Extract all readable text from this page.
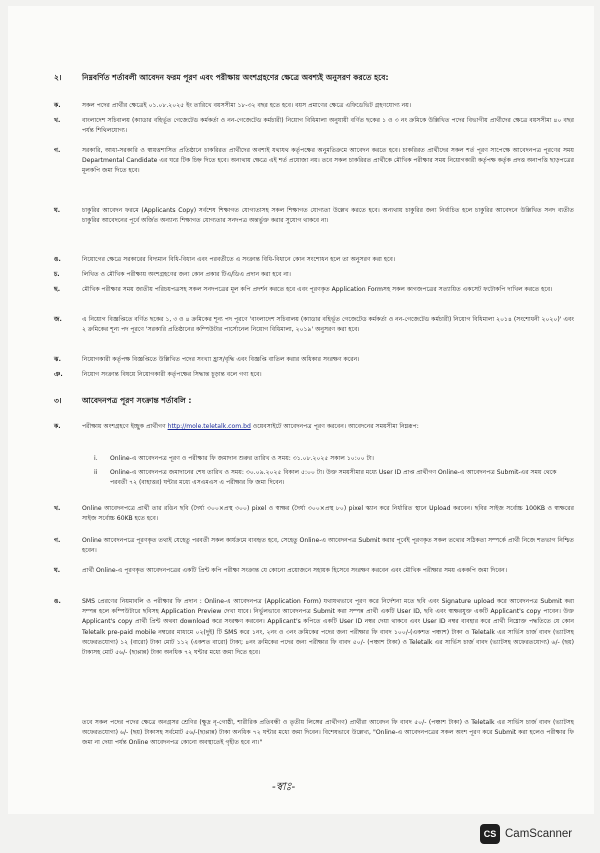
২।	নিম্নবর্ণিত শর্তাবলী আবেদন ফরম পূরণ এবং পরীক্ষায় অংশগ্রহণের ক্ষেত্রে অবশ্যই অনুসরণ করতে হবে:
ক.	সকল পদের প্রার্থীর ক্ষেত্রেই ০১.০৮.২০২৫ ইং তারিখে বয়সসীমা ১৮-৩২ বছর হতে হবে। বয়স প্রমাণের ক্ষেত্রে এফিডেভিট গ্রহণযোগ্য নয়।
খ.	বাংলাদেশ সচিবালয় (ক্যাডার বহির্ভূত গেজেটেড কর্মকর্তা ও নন-গেজেটেড কর্মচারী) নিয়োগ বিধিমালা অনুযায়ী বর্ণিত ছকের ১ ও ৩ নং ক্রমিকে উল্লিখিত পদের বিভাগীয় প্রার্থীদের ক্ষেত্রে বয়সসীমা ৪০ বছর পর্যন্ত শিথিলযোগ্য।
গ.	সরকারি, আধা-সরকারি ও স্বায়ত্তশাসিত প্রতিষ্ঠানে চাকরিরত প্রার্থীদের অবশ্যই যথাযথ কর্তৃপক্ষের অনুমতিক্রমে আবেদন করতে হবে। চাকরিরত প্রার্থীদের সকল শর্ত পূরণ সাপেক্ষে আবেদনপত্র পূরণের সময় Departmental Candidate এর ঘরে টিক চিহ্ন দিতে হবে। অন্যথায় ক্ষেত্রে এই শর্ত প্রযোজ্য নয়। তবে সকল চাকরিরত প্রার্থীকে মৌখিক পরীক্ষার সময় নিয়োগকারী কর্তৃপক্ষ কর্তৃক প্রদত্ত অনাপত্তি ছাড়পত্রের মূলকপি জমা দিতে হবে।
ঘ.	চাকুরির আবেদন ফরমে (Applicants Copy) সর্বশেষ শিক্ষাগত যোগ্যতাসহ সকল শিক্ষাগত যোগ্যতা উল্লেখ করতে হবে। অন্যথায় চাকুরির জন্য নির্বাচিত হলে চাকুরির আবেদনে উল্লিখিত সনদ ব্যতীত চাকুরির আবেদনের পূর্বে অর্জিত অন্যান্য শিক্ষাগত যোগ্যতার সনদপত্র অন্তর্ভুক্ত করার সুযোগ থাকবে না।
ঙ.	নিয়োগের ক্ষেত্রে সরকারের বিদ্যমান বিধি-বিধান এবং পরবর্তীতে এ সংক্রান্ত বিধি-বিধানে কোন সংশোধন হলে তা অনুসরণ করা হবে।
চ.	লিখিত ও মৌখিক পরীক্ষায় অংশগ্রহণের জন্য কোন প্রকার টিএ/ডিএ প্রদান করা হবে না।
ছ.	মৌখিক পরীক্ষার সময় জাতীয় পরিচয়পত্রসহ সকল সনদপত্রের মূল কপি প্রদর্শন করতে হবে এবং পূরণকৃত Application Formসহ সকল কাগজপত্রের সত্যায়িত একসেট ফটোকপি দাখিল করতে হবে।
জ.	এ নিয়োগ বিজ্ঞপ্তিতে বর্ণিত ছকের ১, ৩ ও ৪ ক্রমিকের শূন্য পদ পূরণে 'বাংলাদেশ সচিবালয় (ক্যাডার বহির্ভূত গেজেটেড কর্মকর্তা ও নন-গেজেটেড কর্মচারী) নিয়োগ বিধিমালা ২০১৪ (সংশোধনী ২০২০)' এবং ২ ক্রমিকের শূন্য পদ পূরণে 'সরকারি প্রতিষ্ঠানের কম্পিউটার পার্সোনেল নিয়োগ বিধিমালা, ২০১৯' অনুসরণ করা হবে।
ঝ.	নিয়োগকারী কর্তৃপক্ষ বিজ্ঞপ্তিতে উল্লিখিত পদের সংখ্যা হ্রাস/বৃদ্ধি এবং বিজ্ঞপ্তি বাতিল করার অধিকার সংরক্ষণ করেন।
ঞ.	নিয়োগ সংক্রান্ত বিষয়ে নিয়োগকারী কর্তৃপক্ষের সিদ্ধান্ত চূড়ান্ত বলে গণ্য হবে।
৩।	আবেদনপত্র পূরণ সংক্রান্ত শর্তাবলি :
ক.	পরীক্ষায় অংশগ্রহণে ইচ্ছুক প্রার্থীগণ http://mole.teletalk.com.bd ওয়েবসাইটে আবেদনপত্র পূরণ করবেন। আবেদনের সময়সীমা নিম্নরূপ:
i.	Online-এ আবেদনপত্র পূরণ ও পরীক্ষার ফি জমাদান শুরুর তারিখ ও সময়: ৩১.০৮.২০২৫ সকাল ১০:০০ টা।
ii	Online-এ আবেদনপত্র জমাদানের শেষ তারিখ ও সময়: ৩০.০৯.২০২৫ বিকাল ৫:০০ টা। উক্ত সময়সীমার মধ্যে User ID প্রাপ্ত প্রার্থীগণ Online-এ আবেদনপত্র Submit-এর সময় থেকে পরবর্তী ৭২ (বাহাত্তর) ঘন্টার মধ্যে এসএমএস এ পরীক্ষার ফি জমা দিবেন।
খ.	Online আবেদনপত্রে প্রার্থী তার রঙিন ছবি (দৈর্ঘ্য ৩০০×প্রস্থ ৩০০) pixel ও স্বাক্ষর (দৈর্ঘ্য ৩০০×প্রস্থ ৮০) pixel স্ক্যান করে নির্ধারিত স্থানে Upload করবেন। ছবির সাইজ সর্বোচ্চ 100KB ও স্বাক্ষরের সাইজ সর্বোচ্চ 60KB হতে হবে।
গ.	Online আবেদনপত্রে পূরণকৃত তথ্যই যেহেতু পরবর্তী সকল কার্যক্রমে ব্যবহৃত হবে, সেহেতু Online-এ আবেদনপত্র Submit করার পূর্বেই পূরণকৃত সকল তথ্যের সঠিকতা সম্পর্কে প্রার্থী নিজে শতভাগ নিশ্চিত হবেন।
ঘ.	প্রার্থী Online-এ পূরণকৃত আবেদনপত্রের একটি প্রিন্ট কপি পরীক্ষা সংক্রান্ত যে কোনো প্রয়োজনে সহায়ক হিসেবে সংরক্ষণ করবেন এবং মৌখিক পরীক্ষার সময় এককপি জমা দিবেন।
ঙ.	SMS প্রেরণের নিয়মাবলি ও পরীক্ষার ফি প্রদান : Online-এ আবেদনপত্র (Application Form) যথাযথভাবে পূরণ করে নির্দেশনা মতে ছবি এবং Signature upload করে আবেদনপত্র Submit করা সম্পন্ন হলে কম্পিউটারে ছবিসহ Application Preview দেখা যাবে। নির্ভুলভাবে আবেদনপত্র Submit করা সম্পন্ন প্রার্থী একটি User ID, ছবি এবং স্বাক্ষরযুক্ত একটি Applicant's copy পাবেন। উক্ত Applicant's copy প্রার্থী প্রিন্ট অথবা download করে সংরক্ষণ করবেন। Applicant's কপিতে একটি User ID নম্বর দেয়া থাকবে এবং User ID নম্বর ব্যবহার করে প্রার্থী নিম্নোক্ত পদ্ধতিতে যে কোন Teletalk pre-paid mobile নম্বরের মাধ্যমে ০২(দুই) টি SMS করে ১নং, ২নং ও ৩নং ক্রমিকের পদের জন্য পরীক্ষার ফি বাবদ ১০০/-(একশত পঞ্চাশ) টাকা ও Teletalk এর সার্ভিস চার্জ বাবদ (ভ্যাটসহ অফেরতযোগ্য) ১২ (বারো) টাকা মোট ১১২ (একশত বারো) টাকা; ৪নং ক্রমিকের পদের জন্য পরীক্ষার ফি বাবদ ৫০/- (পঞ্চাশ টাকা) ও Teletalk এর সার্ভিস চার্জ বাবদ (ভ্যাটসহ অফেরতযোগ্য) ৬/- (ছয়) টাকাসহ মোট ৫৬/- (ছাপ্পান্ন) টাকা অনধিক ৭২ ঘন্টার মধ্যে জমা দিতে হবে।
তবে সকল পদের পদের ক্ষেত্রে অনগ্রসর শ্রেণির (ক্ষুদ্র নৃ-গোষ্ঠী, শারীরিক প্রতিবন্ধী ও তৃতীয় লিঙ্গের প্রার্থীগণ) প্রার্থীরা আবেদন ফি বাবদ ৫০/- (পঞ্চাশ টাকা) ও Teletalk এর সার্ভিস চার্জ বাবদ (ভ্যাটসহ অফেরতযোগ্য) ৬/- (ছয়) টাকাসহ সর্বমোট ৫৬/-(ছাপ্পান্ন) টাকা অনধিক ৭২ ঘন্টার মধ্যে জমা দিবেন। বিশেষভাবে উল্লেখ্য, "Online-এ আবেদনপত্রের সকল অংশ পূরণ করে Submit করা হলেও পরীক্ষার ফি জমা না দেয়া পর্যন্ত Online আবেদনপত্র কোনো অবস্থাতেই গৃহীত হবে না।"
-স্বাঃ-
CS CamScanner
